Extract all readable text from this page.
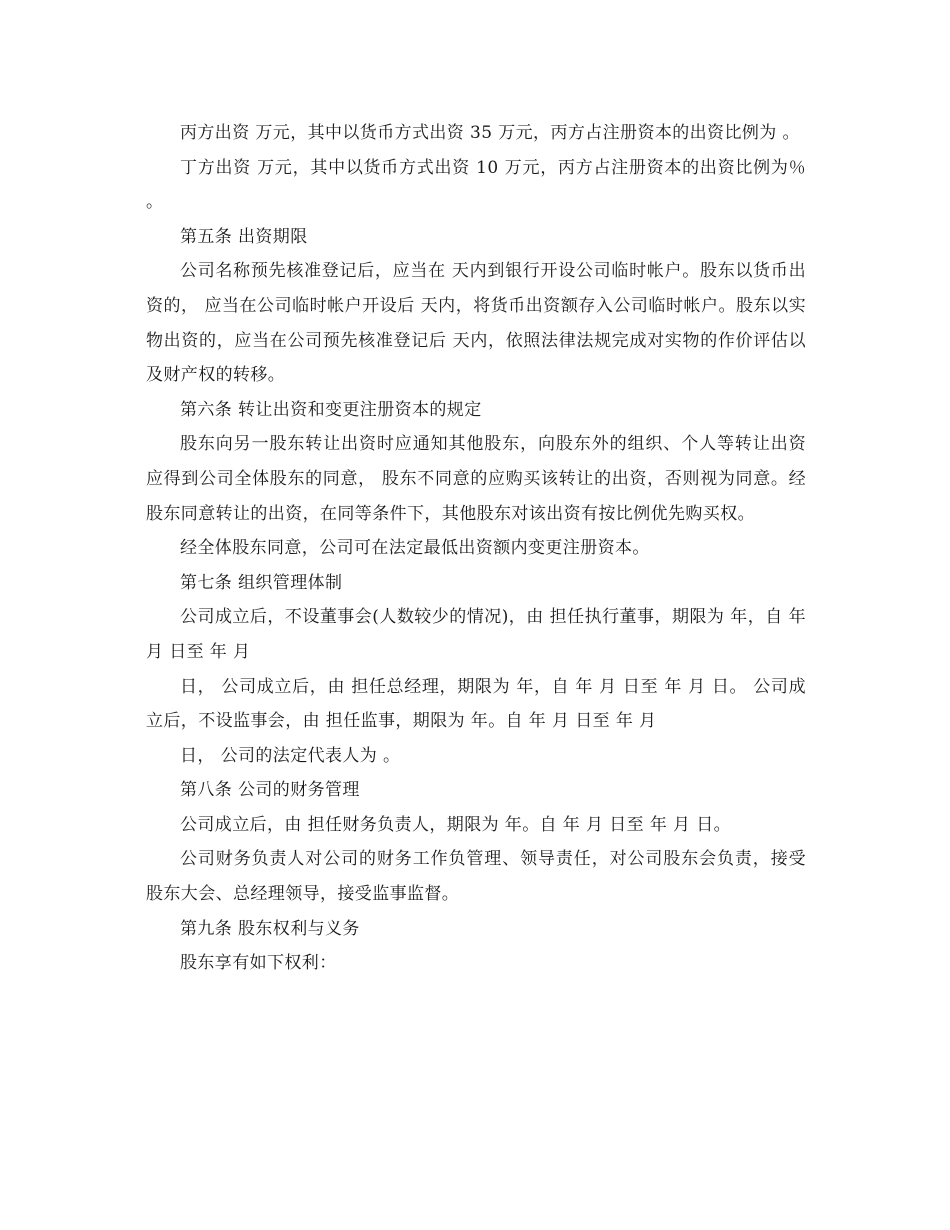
丙方出资 万元，其中以货币方式出资 35 万元，丙方占注册资本的出资比例为 。

丁方出资 万元，其中以货币方式出资 10 万元，丙方占注册资本的出资比例为％ 。

第五条 出资期限

公司名称预先核准登记后，应当在 天内到银行开设公司临时帐户。股东以货币出资的， 应当在公司临时帐户开设后 天内，将货币出资额存入公司临时帐户。股东以实物出资的，应当在公司预先核准登记后 天内，依照法律法规完成对实物的作价评估以及财产权的转移。

第六条 转让出资和变更注册资本的规定

股东向另一股东转让出资时应通知其他股东，向股东外的组织、个人等转让出资应得到公司全体股东的同意， 股东不同意的应购买该转让的出资，否则视为同意。经股东同意转让的出资，在同等条件下，其他股东对该出资有按比例优先购买权。

经全体股东同意，公司可在法定最低出资额内变更注册资本。

第七条 组织管理体制

公司成立后，不设董事会(人数较少的情况)，由 担任执行董事，期限为 年，自 年 月 日至 年 月

日， 公司成立后，由 担任总经理，期限为 年，自 年 月 日至 年 月 日。 公司成立后，不设监事会，由 担任监事，期限为 年。自 年 月 日至 年 月

日， 公司的法定代表人为 。

第八条 公司的财务管理

公司成立后，由 担任财务负责人，期限为 年。自 年 月 日至 年 月 日。

公司财务负责人对公司的财务工作负管理、领导责任，对公司股东会负责，接受股东大会、总经理领导，接受监事监督。

第九条 股东权利与义务

股东享有如下权利：
